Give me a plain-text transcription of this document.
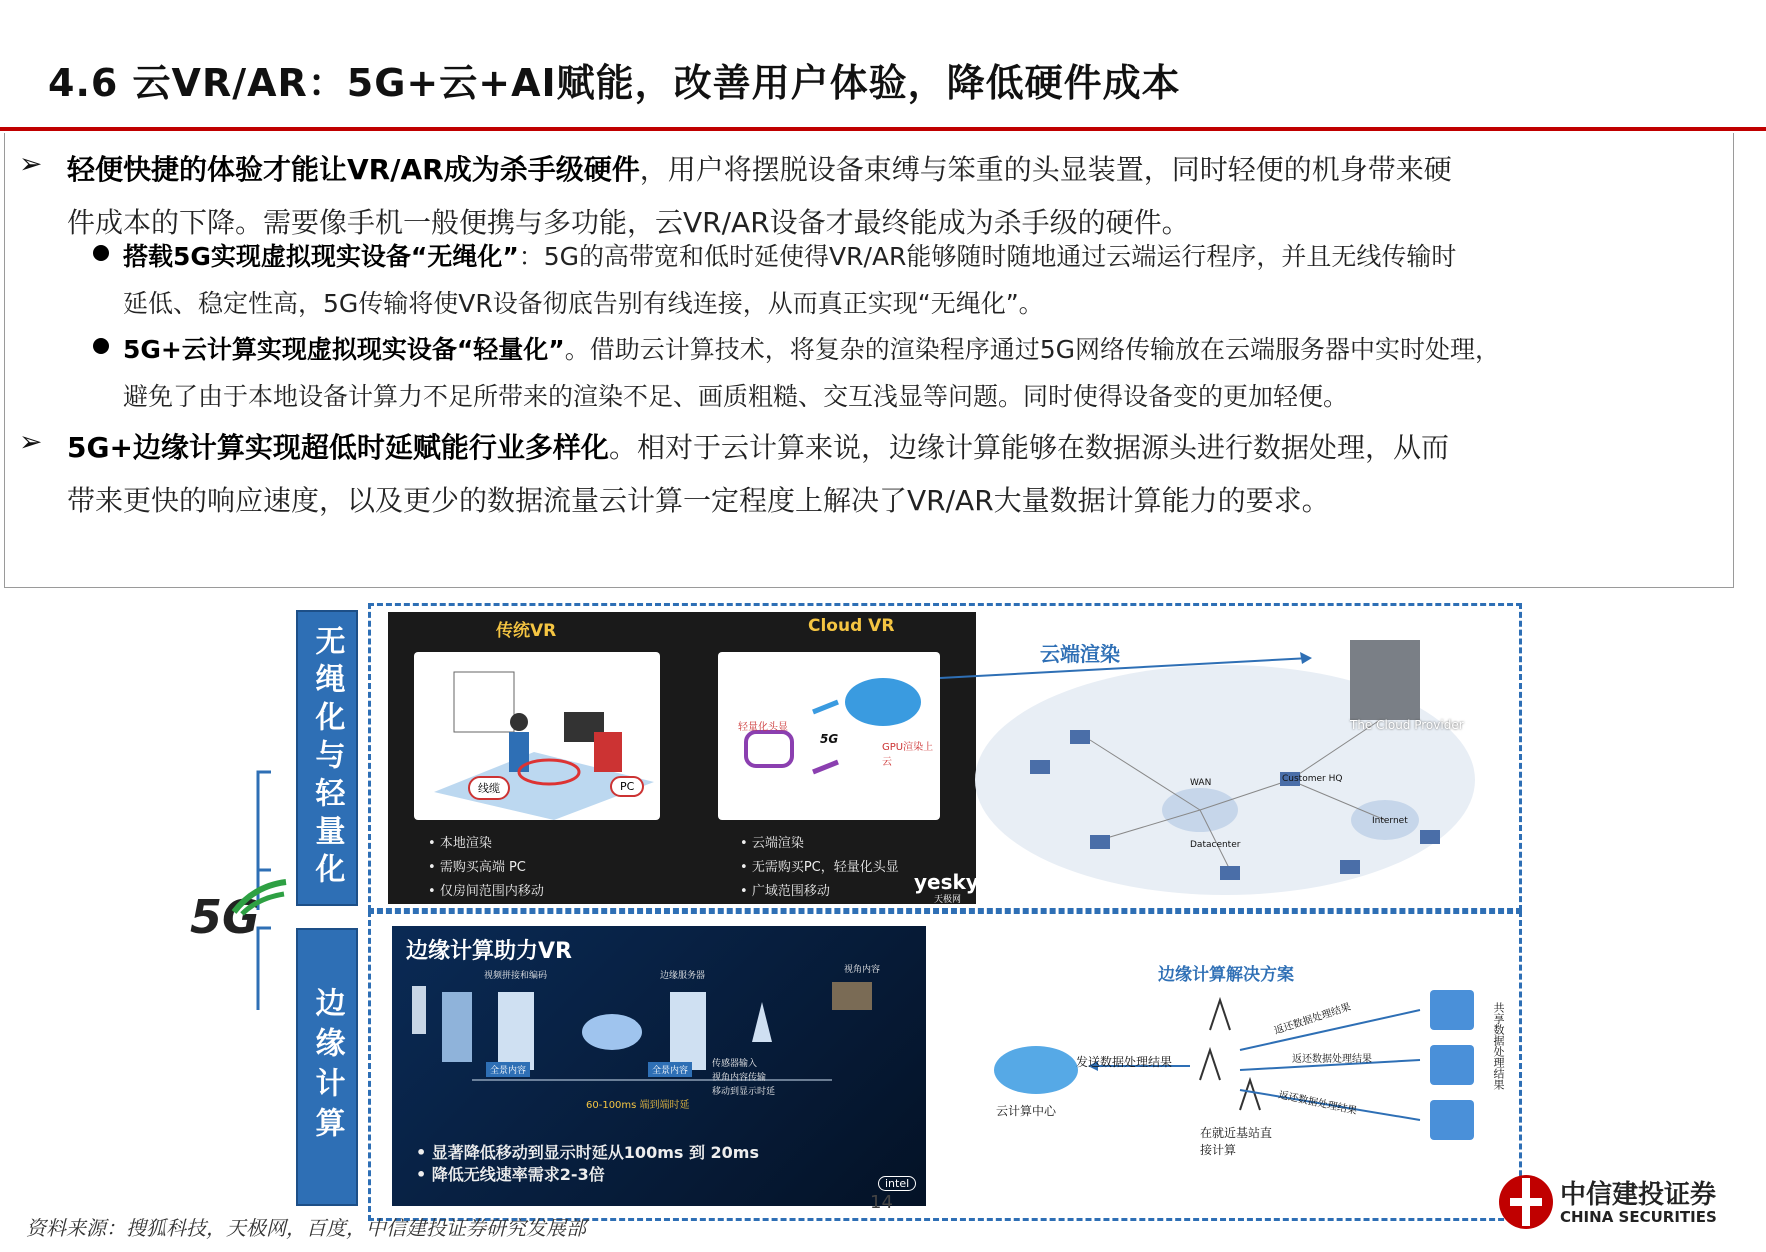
4.6 云VR/AR：5G+云+AI赋能，改善用户体验，降低硬件成本
➢ 轻便快捷的体验才能让VR/AR成为杀手级硬件，用户将摆脱设备束缚与笨重的头显装置，同时轻便的机身带来硬
件成本的下降。需要像手机一般便携与多功能，云VR/AR设备才最终能成为杀手级的硬件。
搭载5G实现虚拟现实设备“无绳化”：5G的高带宽和低时延使得VR/AR能够随时随地通过云端运行程序，并且无线传输时
延低、稳定性高，5G传输将使VR设备彻底告别有线连接，从而真正实现“无绳化”。
5G+云计算实现虚拟现实设备“轻量化”。借助云计算技术，将复杂的渲染程序通过5G网络传输放在云端服务器中实时处理，
避免了由于本地设备计算力不足所带来的渲染不足、画质粗糙、交互浅显等问题。同时使得设备变的更加轻便。
➢ 5G+边缘计算实现超低时延赋能行业多样化。相对于云计算来说，边缘计算能够在数据源头进行数据处理，从而
带来更快的响应速度，以及更少的数据流量云计算一定程度上解决了VR/AR大量数据计算能力的要求。
无绳化与轻量化
边缘计算
5G
传统VR	Cloud VR
线缆	PC
轻量化头显
5G
GPU渲染上云
• 本地渲染
• 需购买高端 PC
• 仅房间范围内移动
• 云端渲染
• 无需购买PC，轻量化头显
• 广域范围移动	yesky
天极网
云端渲染
The Cloud Provider
WAN	Customer HQ
Internet
Datacenter
边缘计算助力VR
视频拼接和编码	边缘服务器
视角内容
全景内容	全景内容
传感器输入
视角内容传输
移动到显示时延
60-100ms 端到端时延
• 显著降低移动到显示时延从100ms 到 20ms
• 降低无线速率需求2-3倍	intel
边缘计算解决方案
发送数据处理结果
云计算中心
在就近基站直接计算
返还数据处理结果
返还数据处理结果
返还数据处理结果
共享数据处理结果
资料来源：搜狐科技，天极网，百度，中信建投证券研究发展部
14	中信建投证券
CHINA SECURITIES
